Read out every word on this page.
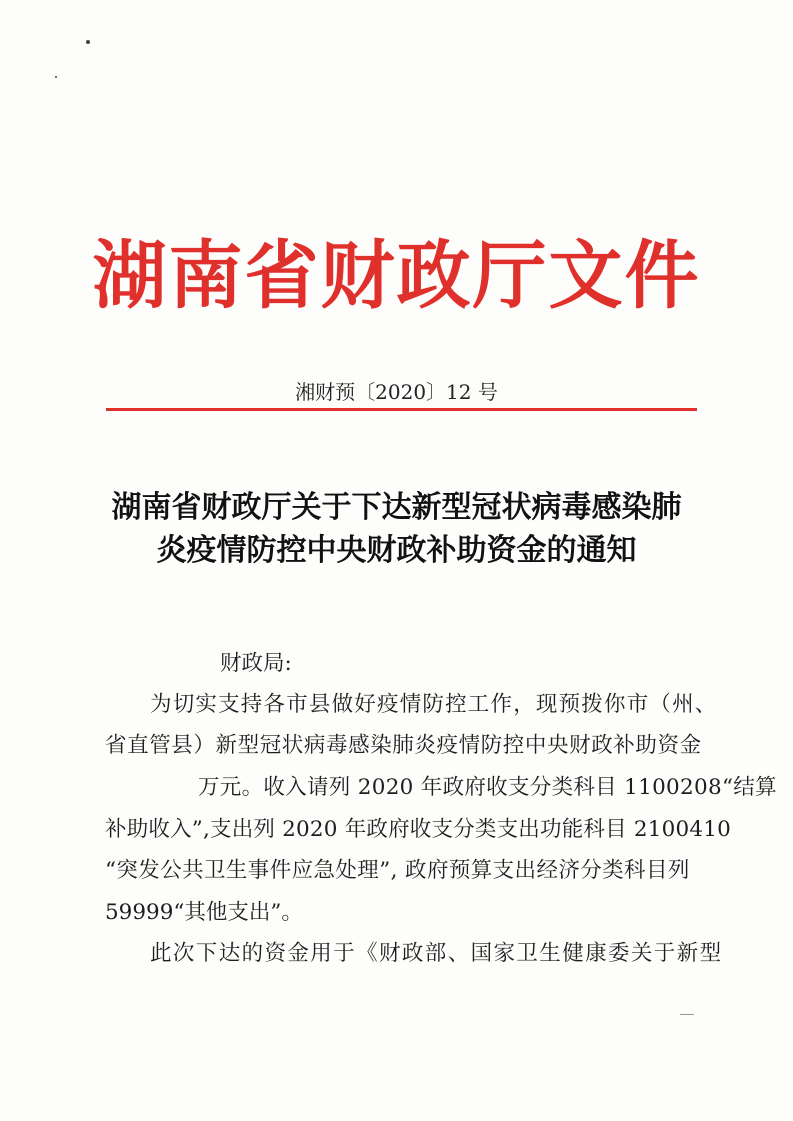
湖南省财政厅文件
湘财预〔2020〕12 号
湖南省财政厅关于下达新型冠状病毒感染肺
炎疫情防控中央财政补助资金的通知
财政局:
为切实支持各市县做好疫情防控工作，现预拨你市（州、
省直管县）新型冠状病毒感染肺炎疫情防控中央财政补助资金
万元。收入请列 2020 年政府收支分类科目 1100208“结算
补助收入”,支出列 2020 年政府收支分类支出功能科目 2100410
“突发公共卫生事件应急处理”, 政府预算支出经济分类科目列
59999“其他支出”。
此次下达的资金用于《财政部、国家卫生健康委关于新型
